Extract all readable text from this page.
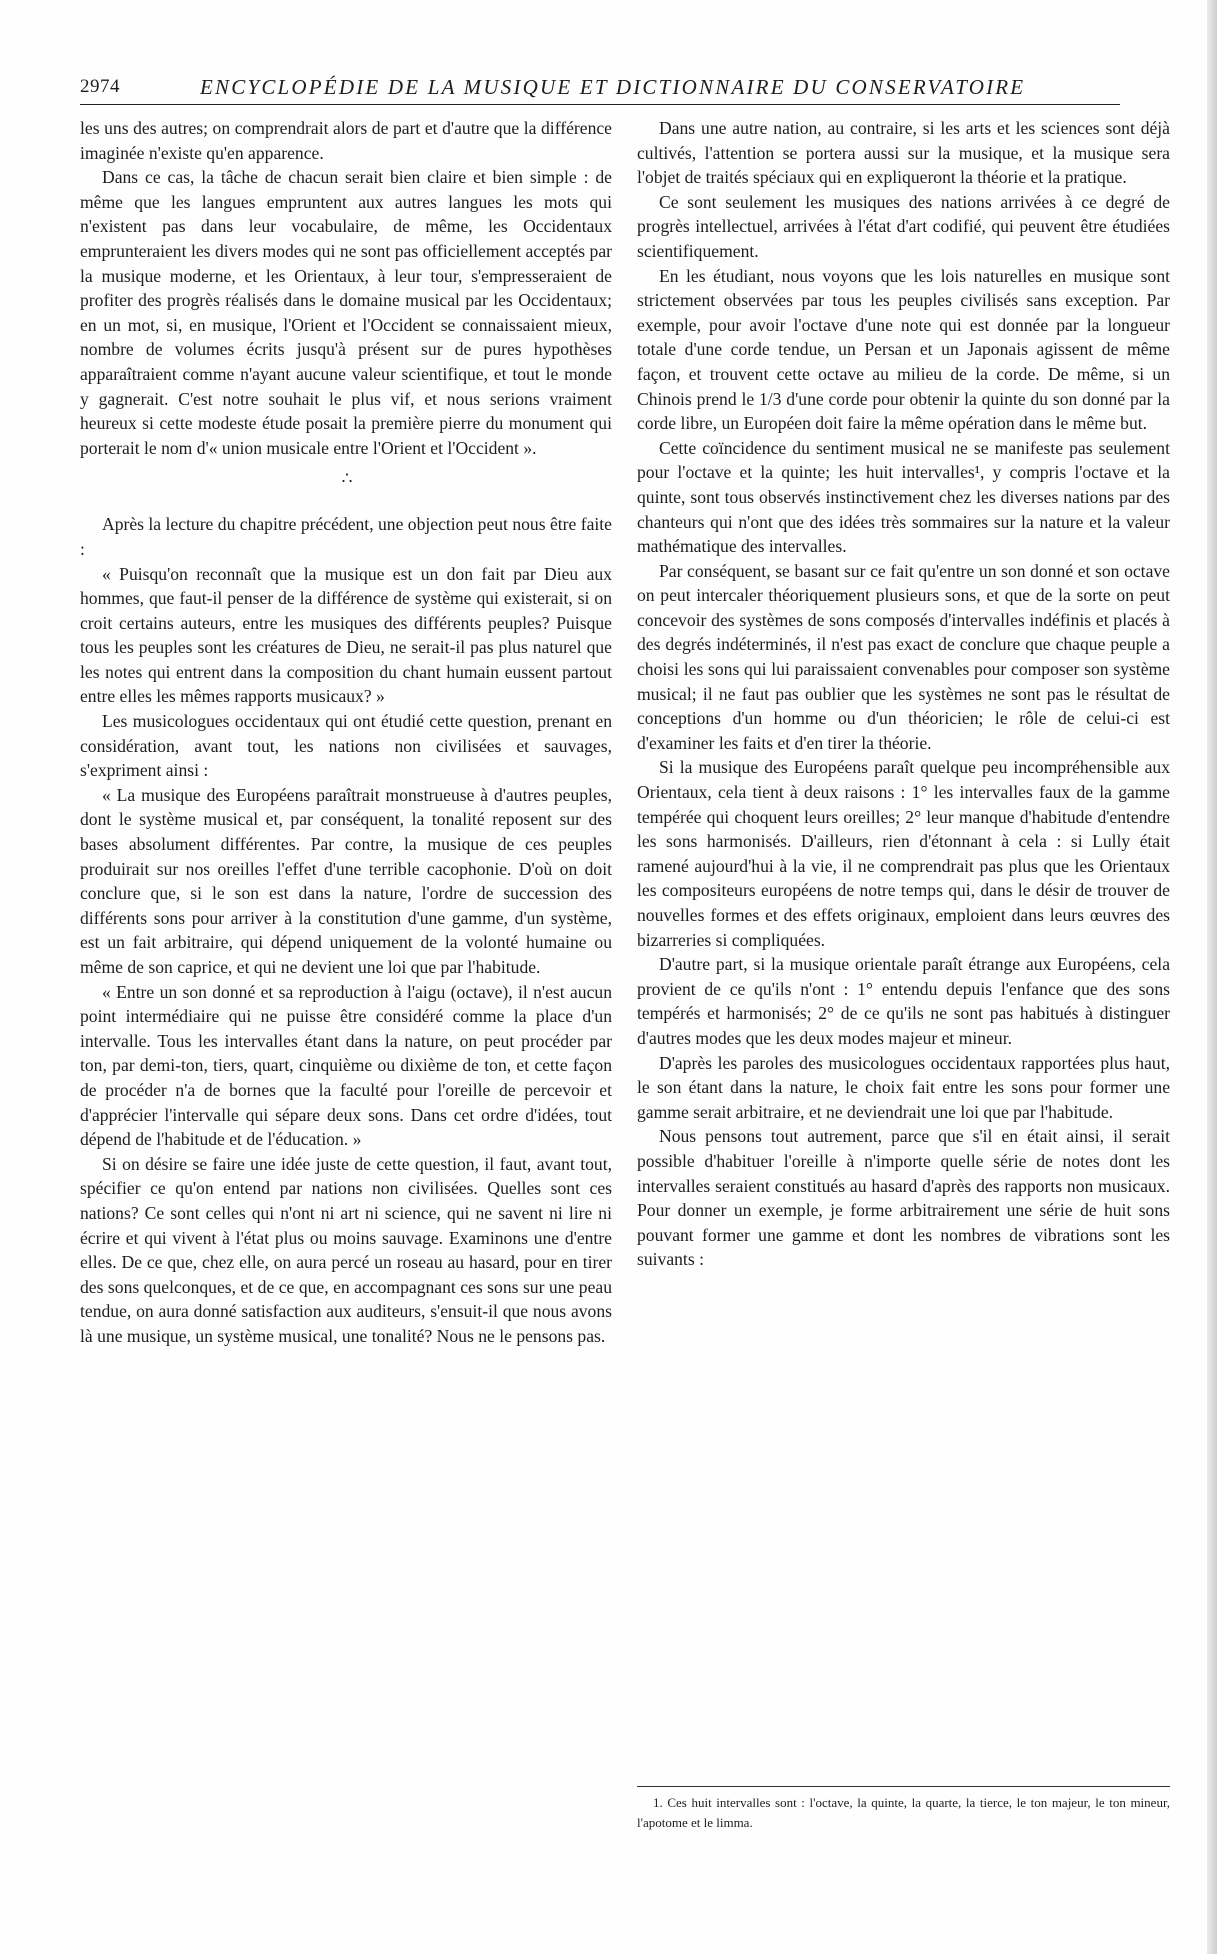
2974	ENCYCLOPÉDIE DE LA MUSIQUE ET DICTIONNAIRE DU CONSERVATOIRE

les uns des autres; on comprendrait alors de part et d'autre que la différence imaginée n'existe qu'en apparence.

Dans ce cas, la tâche de chacun serait bien claire et bien simple : de même que les langues empruntent aux autres langues les mots qui n'existent pas dans leur vocabulaire, de même, les Occidentaux emprunteraient les divers modes qui ne sont pas officiellement acceptés par la musique moderne, et les Orientaux, à leur tour, s'empresseraient de profiter des progrès réalisés dans le domaine musical par les Occidentaux; en un mot, si, en musique, l'Orient et l'Occident se connaissaient mieux, nombre de volumes écrits jusqu'à présent sur de pures hypothèses apparaîtraient comme n'ayant aucune valeur scientifique, et tout le monde y gagnerait. C'est notre souhait le plus vif, et nous serions vraiment heureux si cette modeste étude posait la première pierre du monument qui porterait le nom d'« union musicale entre l'Orient et l'Occident ».

∴

Après la lecture du chapitre précédent, une objection peut nous être faite :

« Puisqu'on reconnaît que la musique est un don fait par Dieu aux hommes, que faut-il penser de la différence de système qui existerait, si on croit certains auteurs, entre les musiques des différents peuples? Puisque tous les peuples sont les créatures de Dieu, ne serait-il pas plus naturel que les notes qui entrent dans la composition du chant humain eussent partout entre elles les mêmes rapports musicaux? »

Les musicologues occidentaux qui ont étudié cette question, prenant en considération, avant tout, les nations non civilisées et sauvages, s'expriment ainsi :

« La musique des Européens paraîtrait monstrueuse à d'autres peuples, dont le système musical et, par conséquent, la tonalité reposent sur des bases absolument différentes. Par contre, la musique de ces peuples produirait sur nos oreilles l'effet d'une terrible cacophonie. D'où on doit conclure que, si le son est dans la nature, l'ordre de succession des différents sons pour arriver à la constitution d'une gamme, d'un système, est un fait arbitraire, qui dépend uniquement de la volonté humaine ou même de son caprice, et qui ne devient une loi que par l'habitude.

« Entre un son donné et sa reproduction à l'aigu (octave), il n'est aucun point intermédiaire qui ne puisse être considéré comme la place d'un intervalle. Tous les intervalles étant dans la nature, on peut procéder par ton, par demi-ton, tiers, quart, cinquième ou dixième de ton, et cette façon de procéder n'a de bornes que la faculté pour l'oreille de percevoir et d'apprécier l'intervalle qui sépare deux sons. Dans cet ordre d'idées, tout dépend de l'habitude et de l'éducation. »

Si on désire se faire une idée juste de cette question, il faut, avant tout, spécifier ce qu'on entend par nations non civilisées. Quelles sont ces nations? Ce sont celles qui n'ont ni art ni science, qui ne savent ni lire ni écrire et qui vivent à l'état plus ou moins sauvage. Examinons une d'entre elles. De ce que, chez elle, on aura percé un roseau au hasard, pour en tirer des sons quelconques, et de ce que, en accompagnant ces sons sur une peau tendue, on aura donné satisfaction aux auditeurs, s'ensuit-il que nous avons là une musique, un système musical, une tonalité? Nous ne le pensons pas.

Dans une autre nation, au contraire, si les arts et les sciences sont déjà cultivés, l'attention se portera aussi sur la musique, et la musique sera l'objet de traités spéciaux qui en expliqueront la théorie et la pratique.

Ce sont seulement les musiques des nations arrivées à ce degré de progrès intellectuel, arrivées à l'état d'art codifié, qui peuvent être étudiées scientifiquement.

En les étudiant, nous voyons que les lois naturelles en musique sont strictement observées par tous les peuples civilisés sans exception. Par exemple, pour avoir l'octave d'une note qui est donnée par la longueur totale d'une corde tendue, un Persan et un Japonais agissent de même façon, et trouvent cette octave au milieu de la corde. De même, si un Chinois prend le 1/3 d'une corde pour obtenir la quinte du son donné par la corde libre, un Européen doit faire la même opération dans le même but.

Cette coïncidence du sentiment musical ne se manifeste pas seulement pour l'octave et la quinte; les huit intervalles¹, y compris l'octave et la quinte, sont tous observés instinctivement chez les diverses nations par des chanteurs qui n'ont que des idées très sommaires sur la nature et la valeur mathématique des intervalles.

Par conséquent, se basant sur ce fait qu'entre un son donné et son octave on peut intercaler théoriquement plusieurs sons, et que de la sorte on peut concevoir des systèmes de sons composés d'intervalles indéfinis et placés à des degrés indéterminés, il n'est pas exact de conclure que chaque peuple a choisi les sons qui lui paraissaient convenables pour composer son système musical; il ne faut pas oublier que les systèmes ne sont pas le résultat de conceptions d'un homme ou d'un théoricien; le rôle de celui-ci est d'examiner les faits et d'en tirer la théorie.

Si la musique des Européens paraît quelque peu incompréhensible aux Orientaux, cela tient à deux raisons : 1° les intervalles faux de la gamme tempérée qui choquent leurs oreilles; 2° leur manque d'habitude d'entendre les sons harmonisés. D'ailleurs, rien d'étonnant à cela : si Lully était ramené aujourd'hui à la vie, il ne comprendrait pas plus que les Orientaux les compositeurs européens de notre temps qui, dans le désir de trouver de nouvelles formes et des effets originaux, emploient dans leurs œuvres des bizarreries si compliquées.

D'autre part, si la musique orientale paraît étrange aux Européens, cela provient de ce qu'ils n'ont : 1° entendu depuis l'enfance que des sons tempérés et harmonisés; 2° de ce qu'ils ne sont pas habitués à distinguer d'autres modes que les deux modes majeur et mineur.

D'après les paroles des musicologues occidentaux rapportées plus haut, le son étant dans la nature, le choix fait entre les sons pour former une gamme serait arbitraire, et ne deviendrait une loi que par l'habitude.

Nous pensons tout autrement, parce que s'il en était ainsi, il serait possible d'habituer l'oreille à n'importe quelle série de notes dont les intervalles seraient constitués au hasard d'après des rapports non musicaux. Pour donner un exemple, je forme arbitrairement une série de huit sons pouvant former une gamme et dont les nombres de vibrations sont les suivants :

1. Ces huit intervalles sont : l'octave, la quinte, la quarte, la tierce, le ton majeur, le ton mineur, l'apotome et le limma.
